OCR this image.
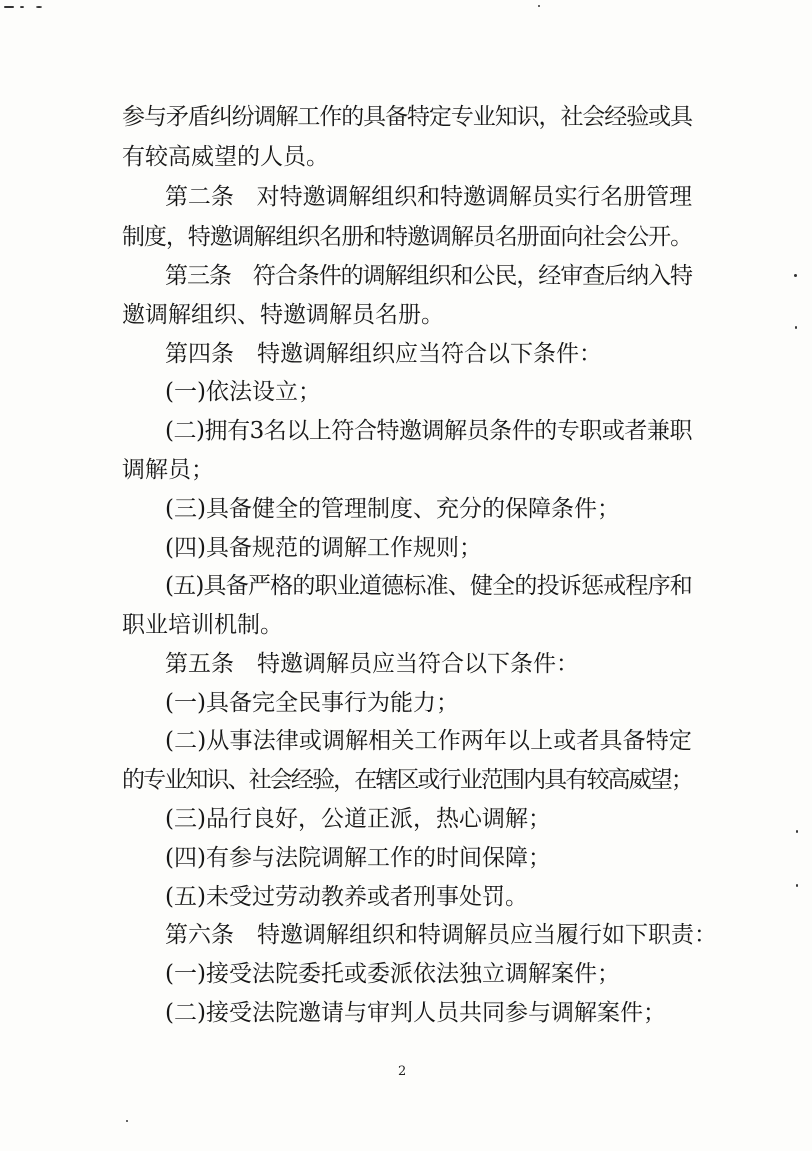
参与矛盾纠纷调解工作的具备特定专业知识，社会经验或具

有较高威望的人员。

第二条　对特邀调解组织和特邀调解员实行名册管理

制度，特邀调解组织名册和特邀调解员名册面向社会公开。

第三条　符合条件的调解组织和公民，经审查后纳入特

邀调解组织、特邀调解员名册。

第四条　特邀调解组织应当符合以下条件：

(一)依法设立；

(二)拥有3名以上符合特邀调解员条件的专职或者兼职

调解员；

(三)具备健全的管理制度、充分的保障条件；

(四)具备规范的调解工作规则；

(五)具备严格的职业道德标准、健全的投诉惩戒程序和

职业培训机制。

第五条　特邀调解员应当符合以下条件：

(一)具备完全民事行为能力；

(二)从事法律或调解相关工作两年以上或者具备特定

的专业知识、社会经验，在辖区或行业范围内具有较高威望；

(三)品行良好，公道正派，热心调解；

(四)有参与法院调解工作的时间保障；

(五)未受过劳动教养或者刑事处罚。

第六条　特邀调解组织和特调解员应当履行如下职责：

(一)接受法院委托或委派依法独立调解案件；

(二)接受法院邀请与审判人员共同参与调解案件；

2
